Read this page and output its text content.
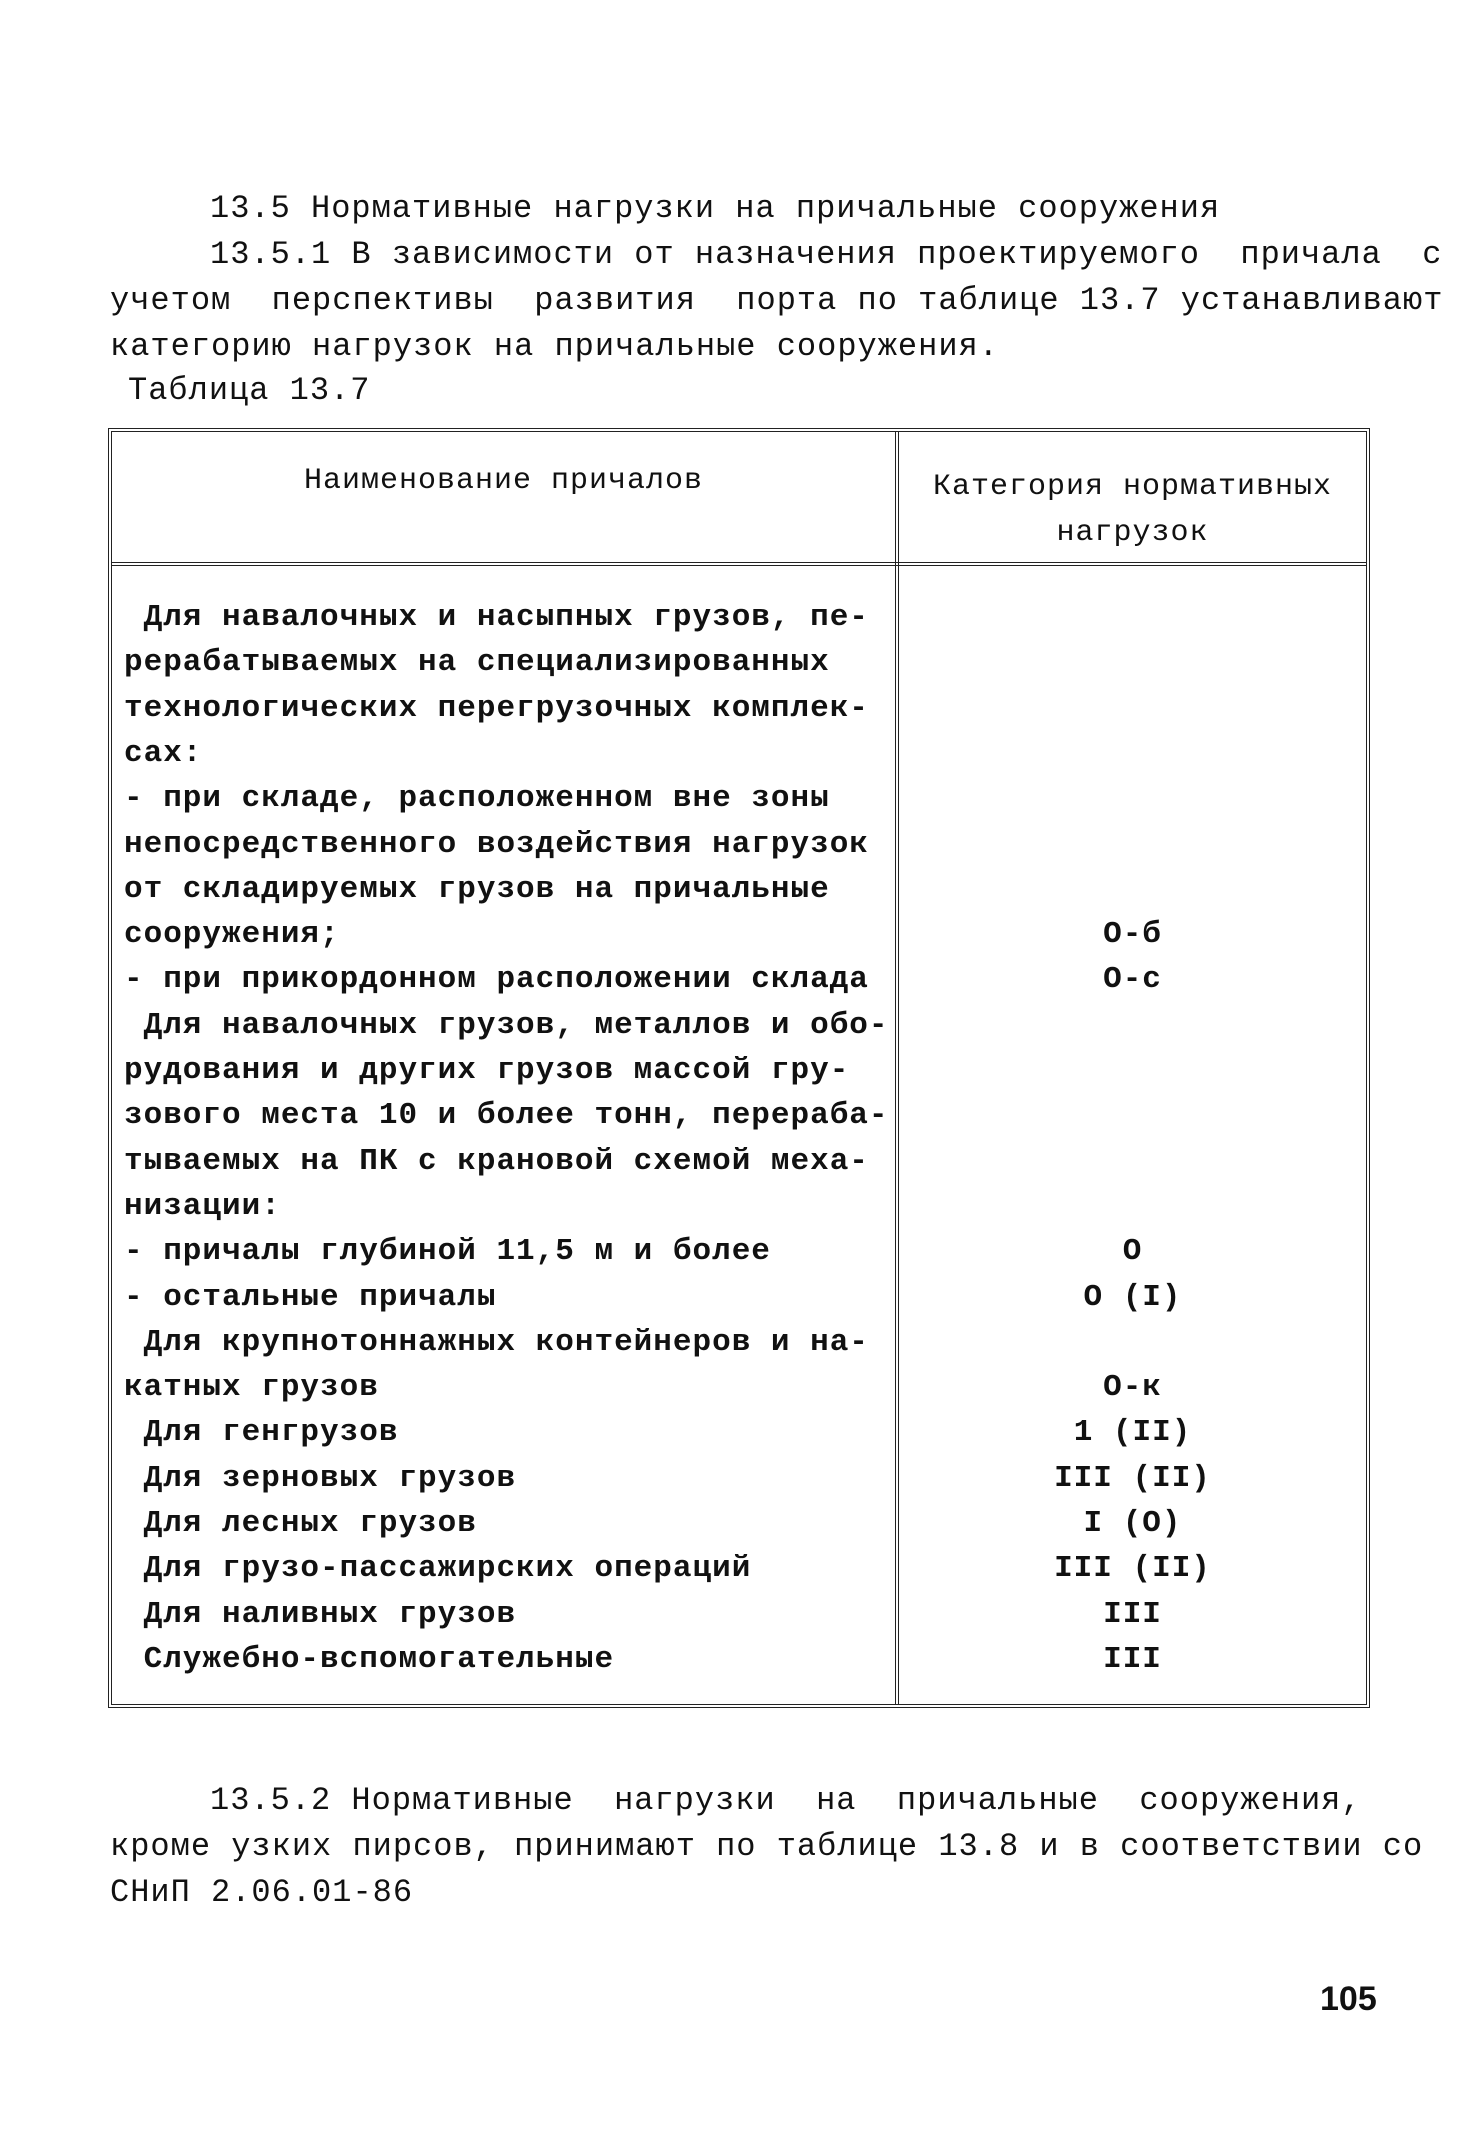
13.5 Нормативные нагрузки на причальные сооружения
13.5.1 В зависимости от назначения проектируемого  причала  с
учетом  перспективы  развития  порта по таблице 13.7 устанавливают
категорию нагрузок на причальные сооружения.
Таблица 13.7
Наименование причалов	Категория нормативных
нагрузок
Для навалочных и насыпных грузов, пе-
рерабатываемых на специализированных
технологических перегрузочных комплек-
сах:
- при складе, расположенном вне зоны
непосредственного воздействия нагрузок
от складируемых грузов на причальные
сооружения;	О-б
- при прикордонном расположении склада	О-с
Для навалочных грузов, металлов и обо-
рудования и других грузов массой гру-
зового места 10 и более тонн, перераба-
тываемых на ПК с крановой схемой меха-
низации:
- причалы глубиной 11,5 м и более	О
- остальные причалы	О (I)
Для крупнотоннажных контейнеров и на-
катных грузов	О-к
Для генгрузов	1 (II)
Для зерновых грузов	III (II)
Для лесных грузов	I (О)
Для грузо-пассажирских операций	III (II)
Для наливных грузов	III
Служебно-вспомогательные	III
13.5.2 Нормативные  нагрузки  на  причальные  сооружения,
кроме узких пирсов, принимают по таблице 13.8 и в соответствии со
СНиП 2.06.01-86
105
